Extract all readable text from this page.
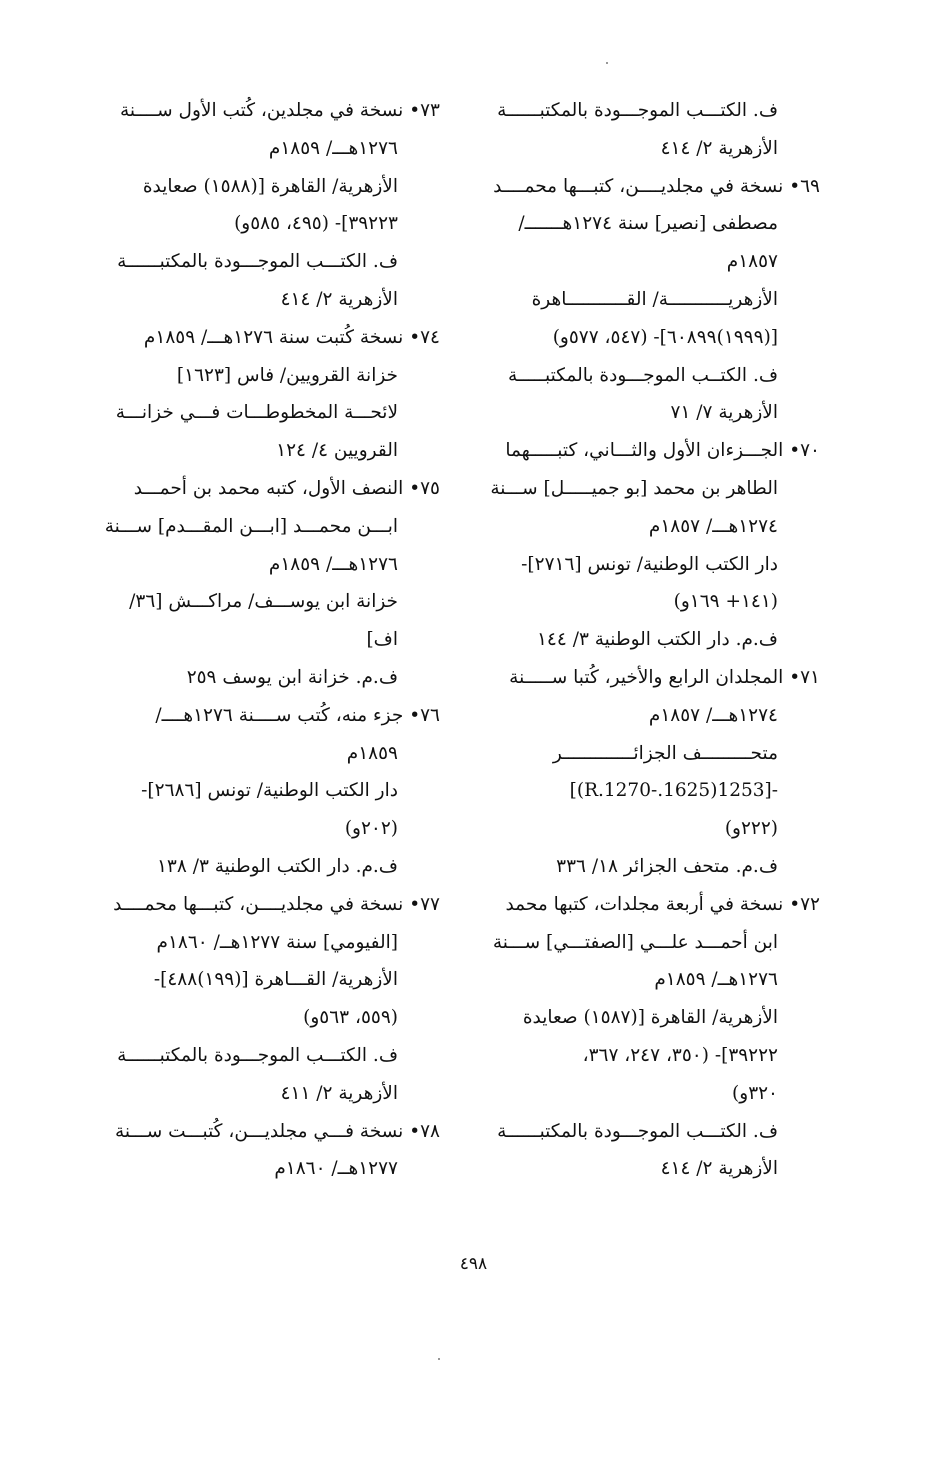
ف. الكتـــب الموجـــودة بالمكتبــــــة
الأزهرية ٢/ ٤١٤
٦٩• نسخة في مجلديــــن، كتبـــها محمــــد
مصطفى [نصير] سنة ١٢٧٤هـــــــ/
١٨٥٧م
الأزهريـــــــــــة/ القـــــــــــاهرة
[(١٩٩٩)٦٠٨٩٩]- (٥٤٧، ٥٧٧و)
ف. الكتــب الموجـــودة بالمكتبـــــة
الأزهرية ٧/ ٧١
٧٠• الجـــزءان الأول والثـــاني، كتبـــــهما
الطاهر بن محمد [بو جميـــــل] ســـنة
١٢٧٤هـــ/ ١٨٥٧م
دار الكتب الوطنية/ تونس [٢٧١٦]-
(١٤١+ ١٦٩و)
ف.م. دار الكتب الوطنية ٣/ ١٤٤
٧١• المجلدان الرابع والأخير، كُتبا ســـــنة
١٢٧٤هـــ/ ١٨٥٧م
متحـــــــــف الجزائـــــــــــــر
-[1253(1625.-R.1270)]
(٢٢٢و)
ف.م. متحف الجزائر ١٨/ ٣٣٦
٧٢• نسخة في أربعة مجلدات، كتبها محمد
ابن أحمـــد علـــي [الصفتـــي] ســـنة
١٢٧٦هــ/ ١٨٥٩م
الأزهرية/ القاهرة [(١٥٨٧) صعايدة
٣٩٢٢٢]- (٣٥٠، ٢٤٧، ٣٦٧،
٣٢٠و)
ف. الكتـــب الموجـــودة بالمكتبــــــة
الأزهرية ٢/ ٤١٤
٧٣• نسخة في مجلدين، كُتب الأول ســــنة
١٢٧٦هـــ/ ١٨٥٩م
الأزهرية/ القاهرة [(١٥٨٨) صعايدة
٣٩٢٢٣]- (٤٩٥، ٥٨٥و)
ف. الكتـــب الموجـــودة بالمكتبــــــة
الأزهرية ٢/ ٤١٤
٧٤• نسخة كُتبت سنة ١٢٧٦هـــ/ ١٨٥٩م
خزانة القرويين/ فاس [١٦٢٣]
لائحـــة المخطوطـــات فـــي خزانـــة
القرويين ٤/ ١٢٤
٧٥• النصف الأول، كتبه محمد بن أحمـــد
ابـــن محمـــد [ابـــن المقـــدم] ســـنة
١٢٧٦هـــ/ ١٨٥٩م
خزانة ابن يوســـف/ مراكـــش [٣٦/
اف]
ف.م. خزانة ابن يوسف ٢٥٩
٧٦• جزء منه، كُتب ســــنة ١٢٧٦هــــ/
١٨٥٩م
دار الكتب الوطنية/ تونس [٢٦٨٦]-
(٢٠٢و)
ف.م. دار الكتب الوطنية ٣/ ١٣٨
٧٧• نسخة في مجلديــــن، كتبـــها محمــــد
[الفيومي] سنة ١٢٧٧هــ/ ١٨٦٠م
الأزهرية/ القـــاهرة [(١٩٩)٤٨٨]-
(٥٥٩، ٥٦٣و)
ف. الكتـــب الموجـــودة بالمكتبــــــة
الأزهرية ٢/ ٤١١
٧٨• نسخة فـــي مجلديـــن، كُتبـــت ســـنة
١٢٧٧هــ/ ١٨٦٠م
٤٩٨
